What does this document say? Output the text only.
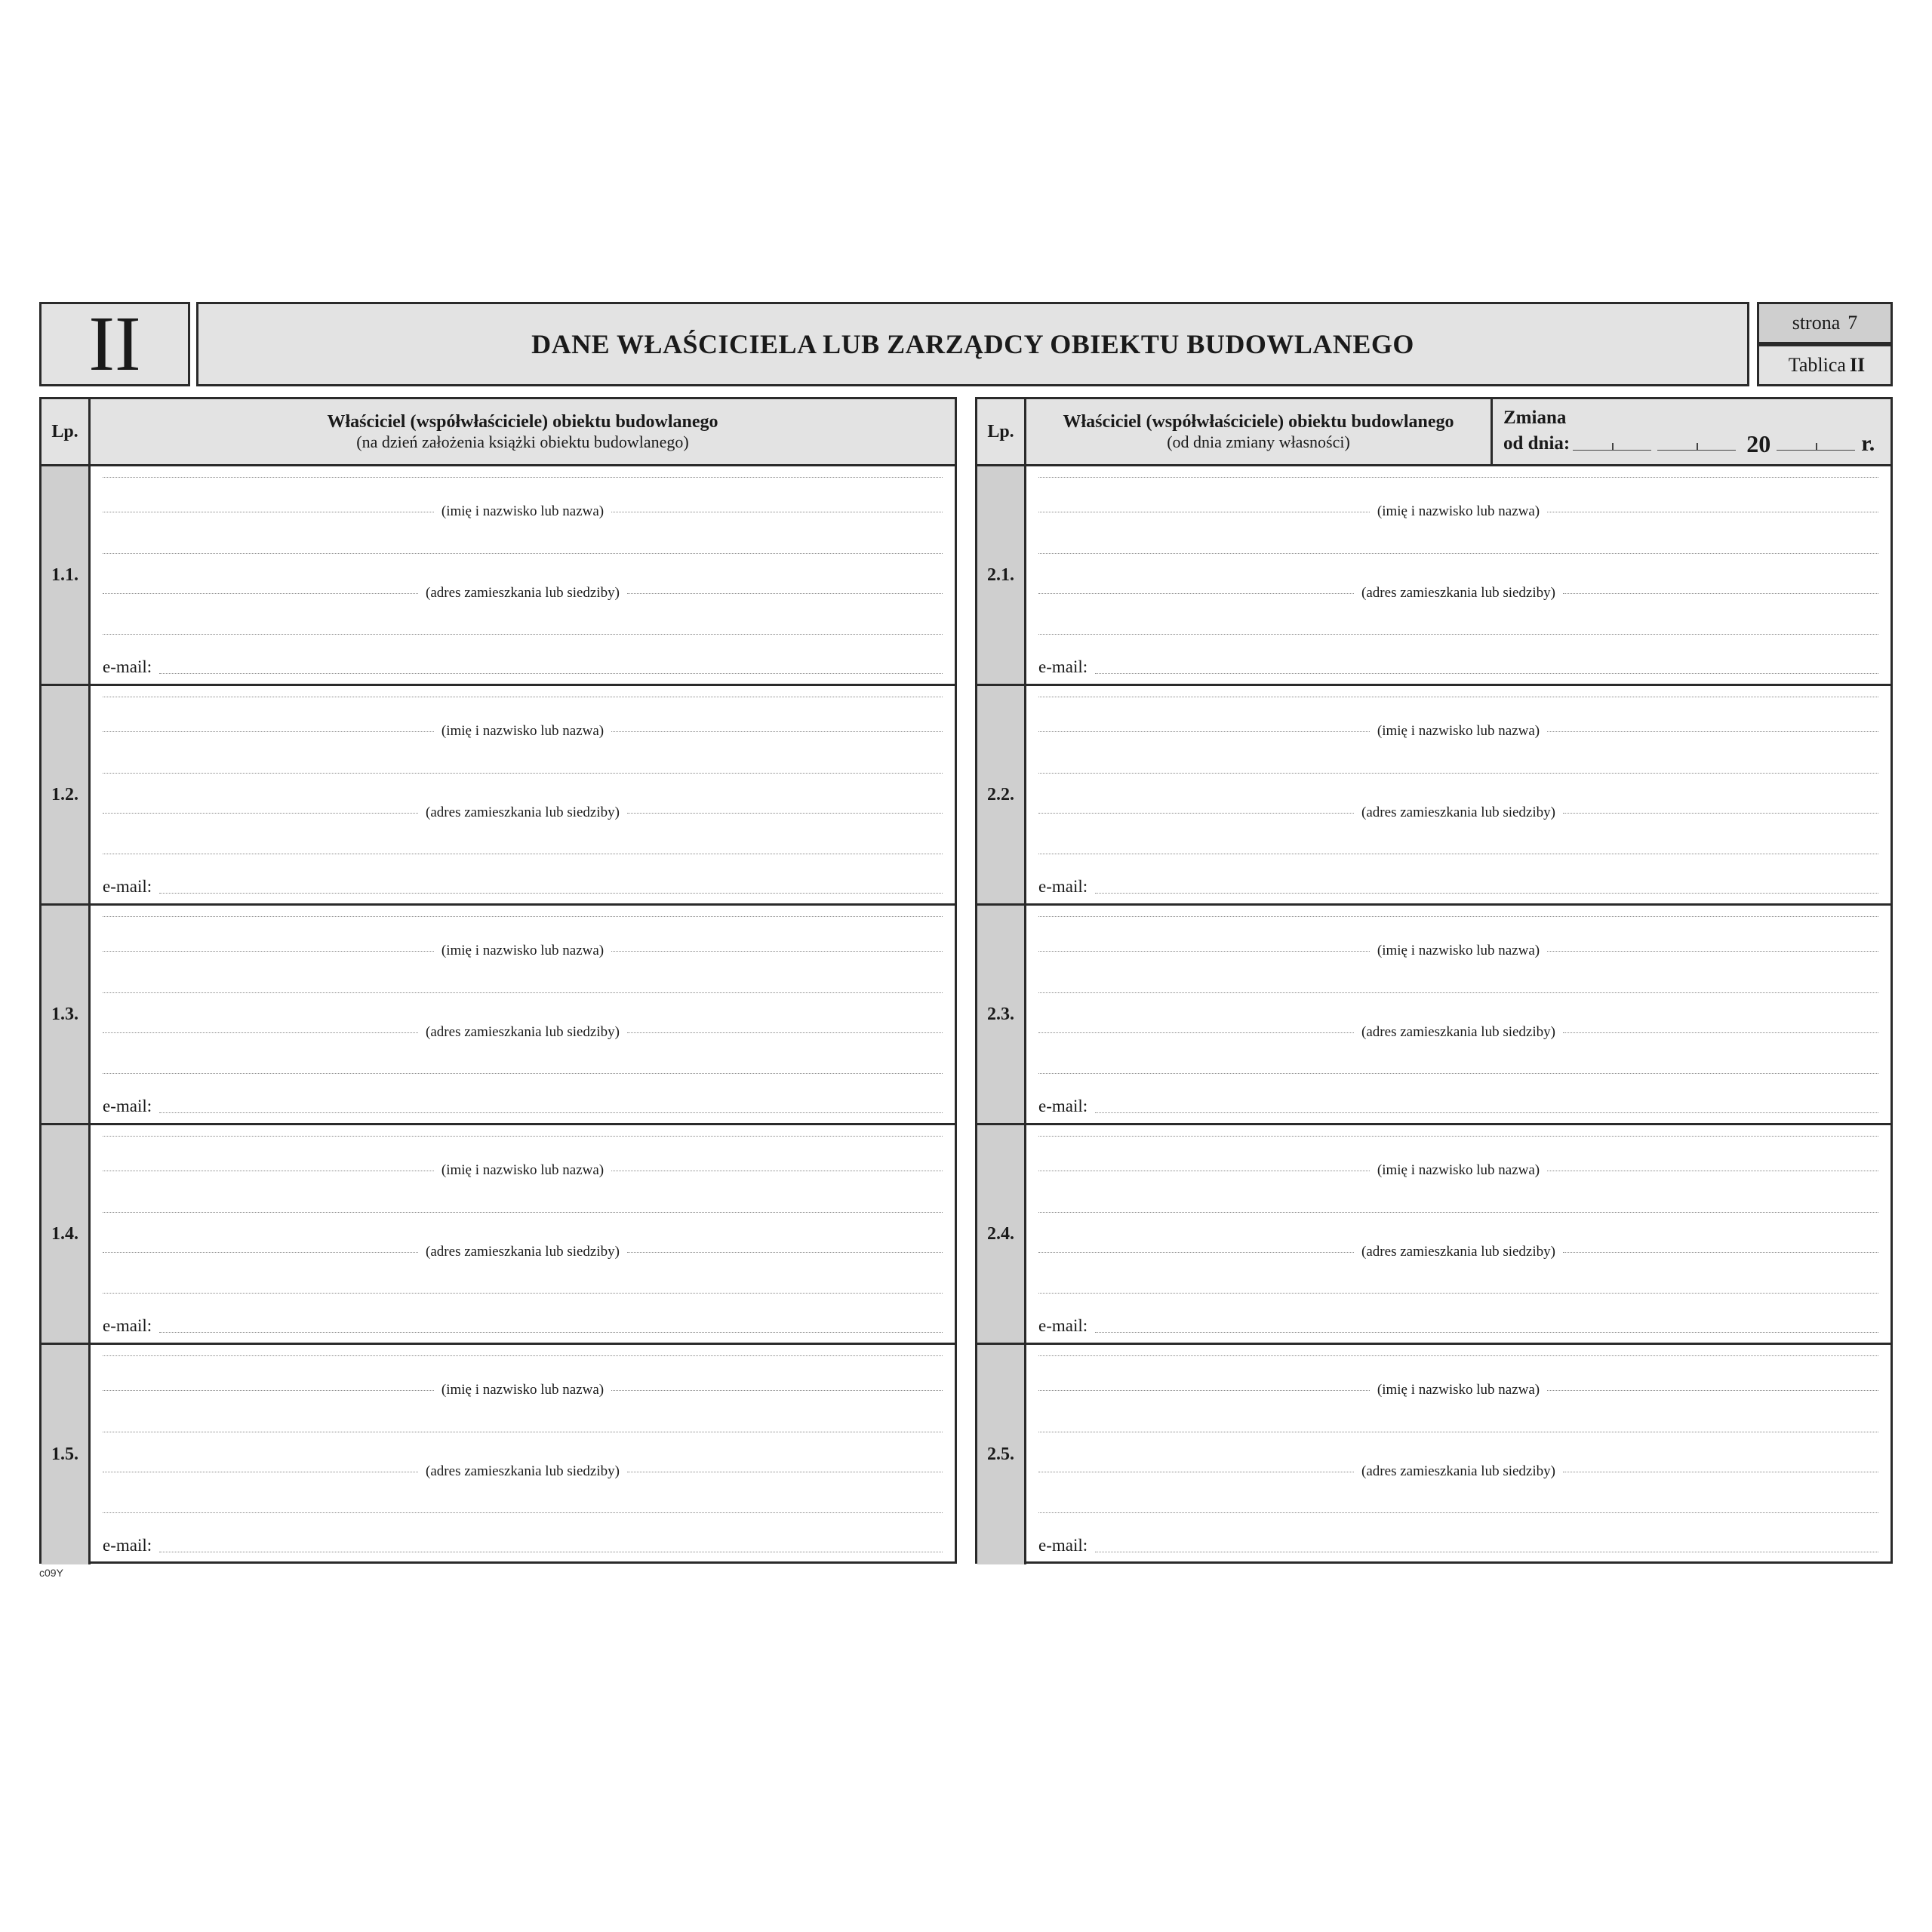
II	DANE WŁAŚCICIELA LUB ZARZĄDCY OBIEKTU BUDOWLANEGO
strona 7
Tablica II
Lp.	Właściciel (współwłaściciele) obiektu budowlanego
(na dzień założenia książki obiektu budowlanego)
1.1.
(imię i nazwisko lub nazwa)
(adres zamieszkania lub siedziby)
e-mail:
1.2.
(imię i nazwisko lub nazwa)
(adres zamieszkania lub siedziby)
e-mail:
1.3.
(imię i nazwisko lub nazwa)
(adres zamieszkania lub siedziby)
e-mail:
1.4.
(imię i nazwisko lub nazwa)
(adres zamieszkania lub siedziby)
e-mail:
1.5.
(imię i nazwisko lub nazwa)
(adres zamieszkania lub siedziby)
e-mail:
Lp.	Właściciel (współwłaściciele) obiektu budowlanego
(od dnia zmiany własności)
Zmiana
od dnia:	20	r.
2.1.
(imię i nazwisko lub nazwa)
(adres zamieszkania lub siedziby)
e-mail:
2.2.
(imię i nazwisko lub nazwa)
(adres zamieszkania lub siedziby)
e-mail:
2.3.
(imię i nazwisko lub nazwa)
(adres zamieszkania lub siedziby)
e-mail:
2.4.
(imię i nazwisko lub nazwa)
(adres zamieszkania lub siedziby)
e-mail:
2.5.
(imię i nazwisko lub nazwa)
(adres zamieszkania lub siedziby)
e-mail:
c09Y
